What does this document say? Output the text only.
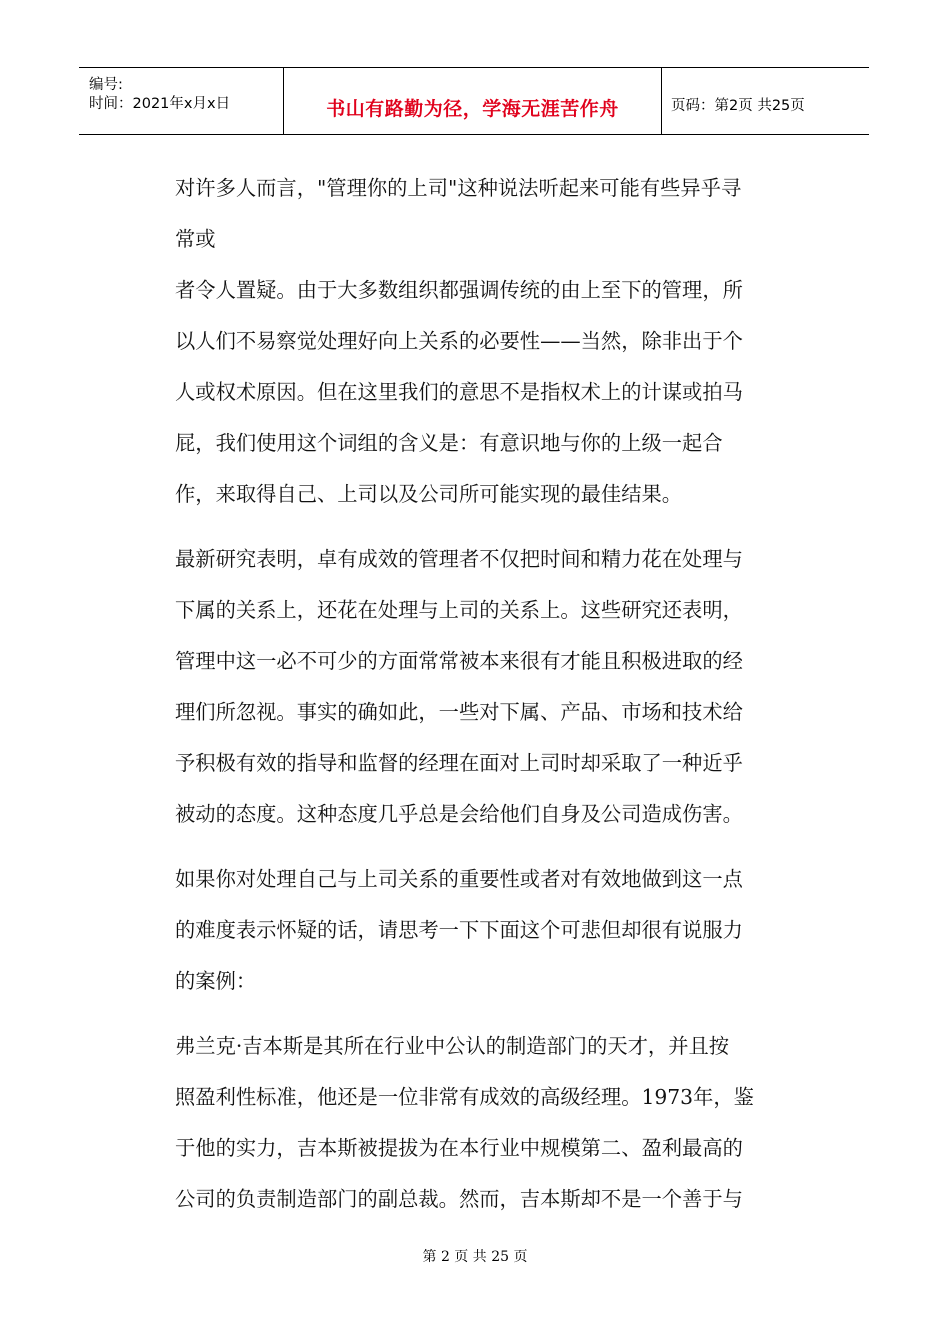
编号:
时间：2021年x月x日	书山有路勤为径，学海无涯苦作舟	页码：第2页 共25页

对许多人而言，"管理你的上司"这种说法听起来可能有些异乎寻
常或
者令人置疑。由于大多数组织都强调传统的由上至下的管理，所
以人们不易察觉处理好向上关系的必要性——当然，除非出于个
人或权术原因。但在这里我们的意思不是指权术上的计谋或拍马
屁，我们使用这个词组的含义是：有意识地与你的上级一起合
作，来取得自己、上司以及公司所可能实现的最佳结果。

最新研究表明，卓有成效的管理者不仅把时间和精力花在处理与
下属的关系上，还花在处理与上司的关系上。这些研究还表明，
管理中这一必不可少的方面常常被本来很有才能且积极进取的经
理们所忽视。事实的确如此，一些对下属、产品、市场和技术给
予积极有效的指导和监督的经理在面对上司时却采取了一种近乎
被动的态度。这种态度几乎总是会给他们自身及公司造成伤害。

如果你对处理自己与上司关系的重要性或者对有效地做到这一点
的难度表示怀疑的话，请思考一下下面这个可悲但却很有说服力
的案例：

弗兰克·吉本斯是其所在行业中公认的制造部门的天才，并且按
照盈利性标准，他还是一位非常有成效的高级经理。1973年，鉴
于他的实力，吉本斯被提拔为在本行业中规模第二、盈利最高的
公司的负责制造部门的副总裁。然而，吉本斯却不是一个善于与

第 2 页 共 25 页
